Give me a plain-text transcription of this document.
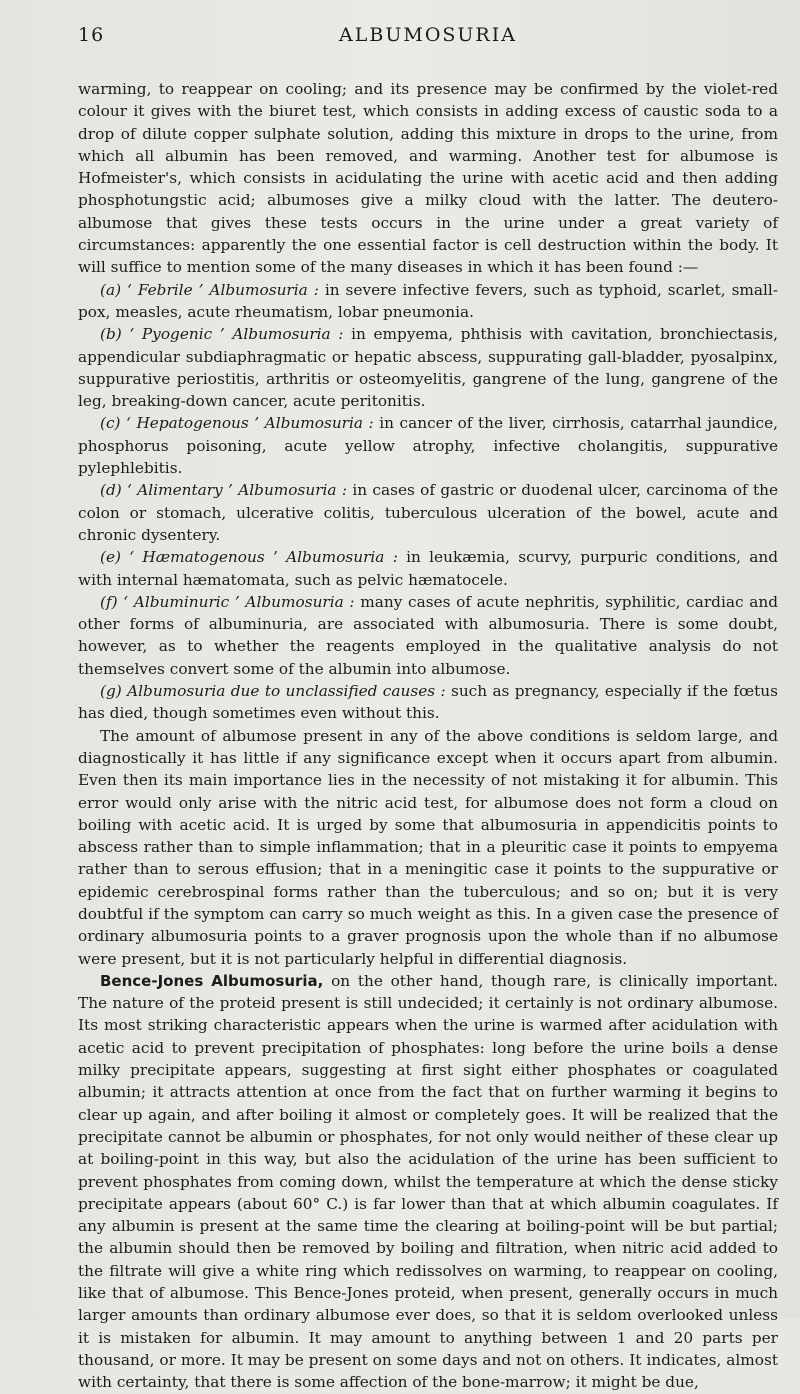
16	ALBUMOSURIA

warming, to reappear on cooling; and its presence may be confirmed by the violet-red colour it gives with the biuret test, which consists in adding excess of caustic soda to a drop of dilute copper sulphate solution, adding this mixture in drops to the urine, from which all albumin has been removed, and warming. Another test for albumose is Hofmeister's, which consists in acidulating the urine with acetic acid and then adding phosphotungstic acid; albumoses give a milky cloud with the latter. The deutero-albumose that gives these tests occurs in the urine under a great variety of circumstances: apparently the one essential factor is cell destruction within the body. It will suffice to mention some of the many diseases in which it has been found :—

(a) ‘ Febrile ’ Albumosuria : in severe infective fevers, such as typhoid, scarlet, small-pox, measles, acute rheumatism, lobar pneumonia.

(b) ‘ Pyogenic ’ Albumosuria : in empyema, phthisis with cavitation, bronchiectasis, appendicular subdiaphragmatic or hepatic abscess, suppurating gall-bladder, pyosalpinx, suppurative periostitis, arthritis or osteomyelitis, gangrene of the lung, gangrene of the leg, breaking-down cancer, acute peritonitis.

(c) ‘ Hepatogenous ’ Albumosuria : in cancer of the liver, cirrhosis, catarrhal jaundice, phosphorus poisoning, acute yellow atrophy, infective cholangitis, suppurative pylephlebitis.

(d) ‘ Alimentary ’ Albumosuria : in cases of gastric or duodenal ulcer, carcinoma of the colon or stomach, ulcerative colitis, tuberculous ulceration of the bowel, acute and chronic dysentery.

(e) ‘ Hæmatogenous ’ Albumosuria : in leukæmia, scurvy, purpuric conditions, and with internal hæmatomata, such as pelvic hæmatocele.

(f) ‘ Albuminuric ’ Albumosuria : many cases of acute nephritis, syphilitic, cardiac and other forms of albuminuria, are associated with albumosuria. There is some doubt, however, as to whether the reagents employed in the qualitative analysis do not themselves convert some of the albumin into albumose.

(g) Albumosuria due to unclassified causes : such as pregnancy, especially if the fœtus has died, though sometimes even without this.

The amount of albumose present in any of the above conditions is seldom large, and diagnostically it has little if any significance except when it occurs apart from albumin. Even then its main importance lies in the necessity of not mistaking it for albumin. This error would only arise with the nitric acid test, for albumose does not form a cloud on boiling with acetic acid. It is urged by some that albumosuria in appendicitis points to abscess rather than to simple inflammation; that in a pleuritic case it points to empyema rather than to serous effusion; that in a meningitic case it points to the suppurative or epidemic cerebrospinal forms rather than the tuberculous; and so on; but it is very doubtful if the symptom can carry so much weight as this. In a given case the presence of ordinary albumosuria points to a graver prognosis upon the whole than if no albumose were present, but it is not particularly helpful in differential diagnosis.

Bence-Jones Albumosuria, on the other hand, though rare, is clinically important. The nature of the proteid present is still undecided; it certainly is not ordinary albumose. Its most striking characteristic appears when the urine is warmed after acidulation with acetic acid to prevent precipitation of phosphates: long before the urine boils a dense milky precipitate appears, suggesting at first sight either phosphates or coagulated albumin; it attracts attention at once from the fact that on further warming it begins to clear up again, and after boiling it almost or completely goes. It will be realized that the precipitate cannot be albumin or phosphates, for not only would neither of these clear up at boiling-point in this way, but also the acidulation of the urine has been sufficient to prevent phosphates from coming down, whilst the temperature at which the dense sticky precipitate appears (about 60° C.) is far lower than that at which albumin coagulates. If any albumin is present at the same time the clearing at boiling-point will be but partial; the albumin should then be removed by boiling and filtration, when nitric acid added to the filtrate will give a white ring which redissolves on warming, to reappear on cooling, like that of albumose. This Bence-Jones proteid, when present, generally occurs in much larger amounts than ordinary albumose ever does, so that it is seldom overlooked unless it is mistaken for albumin. It may amount to anything between 1 and 20 parts per thousand, or more. It may be present on some days and not on others. It indicates, almost with certainty, that there is some affection of the bone-marrow; it might be due,
